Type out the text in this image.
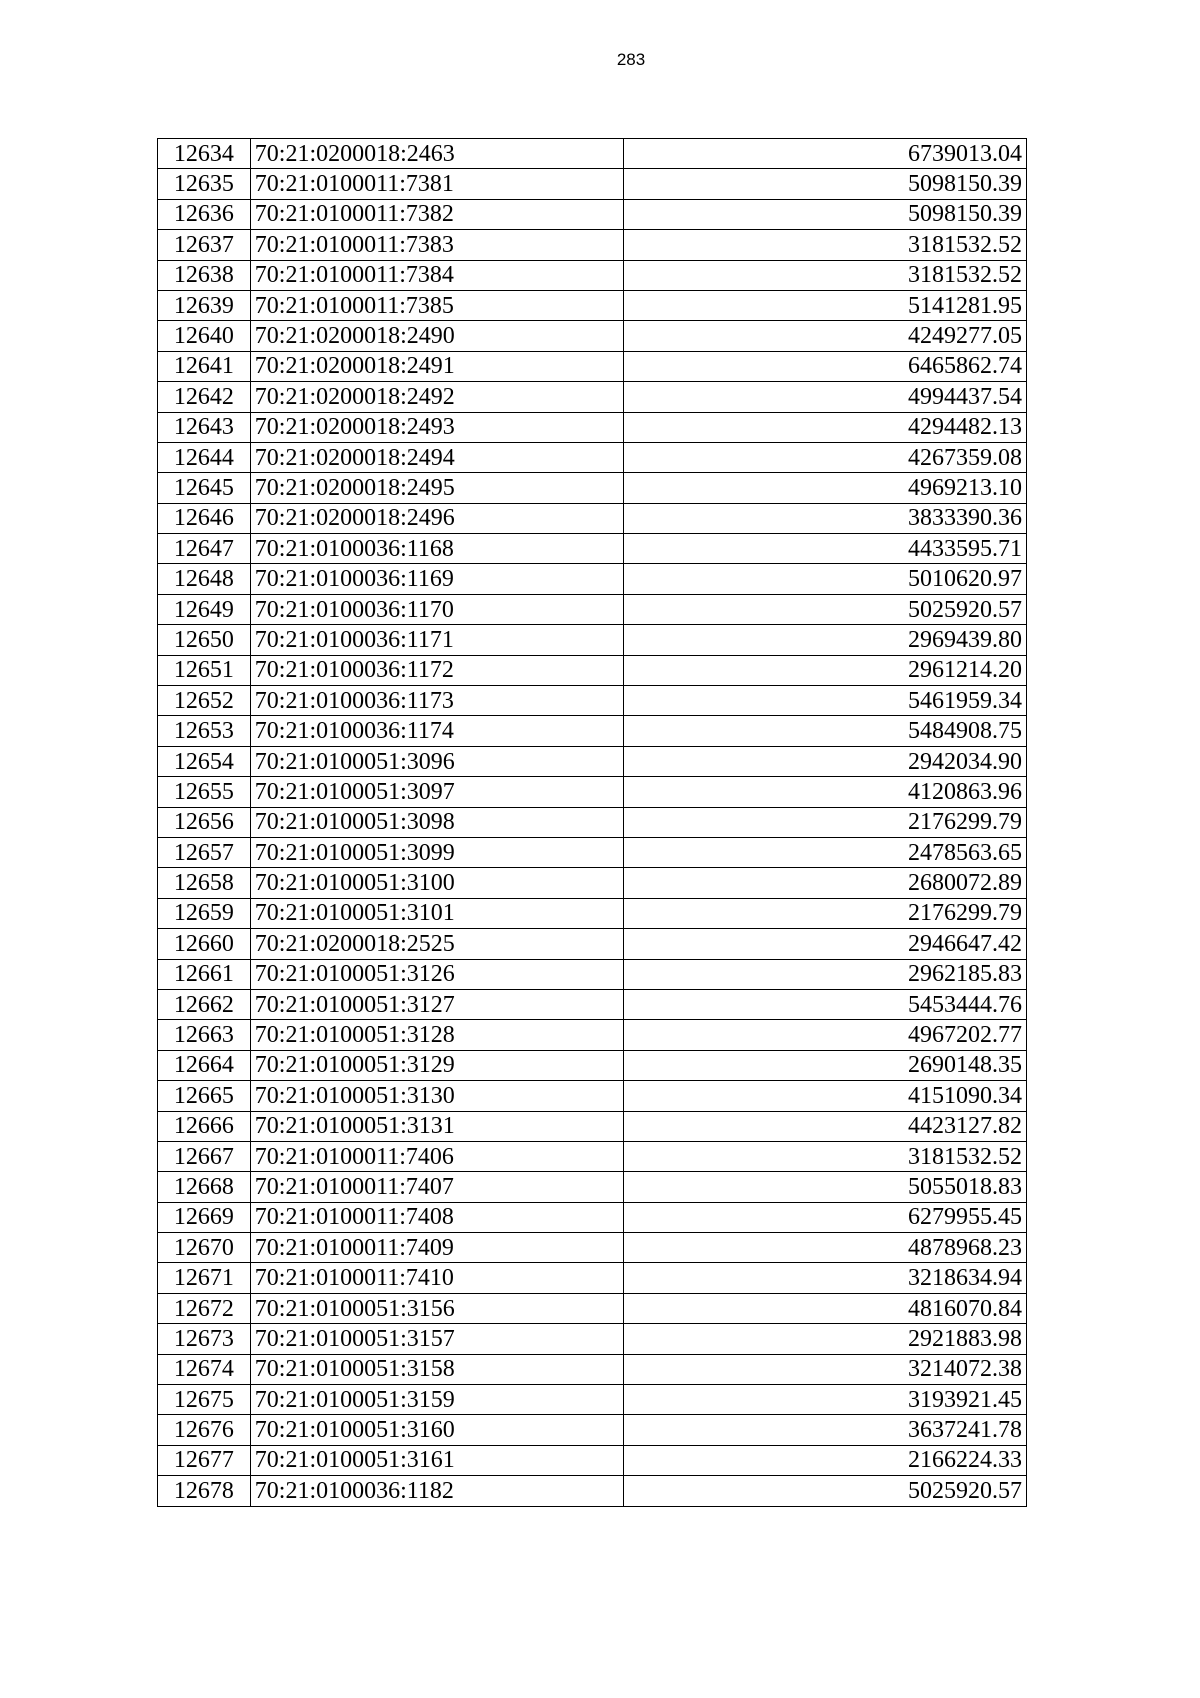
283
12634	70:21:0200018:2463	6739013.04
12635	70:21:0100011:7381	5098150.39
12636	70:21:0100011:7382	5098150.39
12637	70:21:0100011:7383	3181532.52
12638	70:21:0100011:7384	3181532.52
12639	70:21:0100011:7385	5141281.95
12640	70:21:0200018:2490	4249277.05
12641	70:21:0200018:2491	6465862.74
12642	70:21:0200018:2492	4994437.54
12643	70:21:0200018:2493	4294482.13
12644	70:21:0200018:2494	4267359.08
12645	70:21:0200018:2495	4969213.10
12646	70:21:0200018:2496	3833390.36
12647	70:21:0100036:1168	4433595.71
12648	70:21:0100036:1169	5010620.97
12649	70:21:0100036:1170	5025920.57
12650	70:21:0100036:1171	2969439.80
12651	70:21:0100036:1172	2961214.20
12652	70:21:0100036:1173	5461959.34
12653	70:21:0100036:1174	5484908.75
12654	70:21:0100051:3096	2942034.90
12655	70:21:0100051:3097	4120863.96
12656	70:21:0100051:3098	2176299.79
12657	70:21:0100051:3099	2478563.65
12658	70:21:0100051:3100	2680072.89
12659	70:21:0100051:3101	2176299.79
12660	70:21:0200018:2525	2946647.42
12661	70:21:0100051:3126	2962185.83
12662	70:21:0100051:3127	5453444.76
12663	70:21:0100051:3128	4967202.77
12664	70:21:0100051:3129	2690148.35
12665	70:21:0100051:3130	4151090.34
12666	70:21:0100051:3131	4423127.82
12667	70:21:0100011:7406	3181532.52
12668	70:21:0100011:7407	5055018.83
12669	70:21:0100011:7408	6279955.45
12670	70:21:0100011:7409	4878968.23
12671	70:21:0100011:7410	3218634.94
12672	70:21:0100051:3156	4816070.84
12673	70:21:0100051:3157	2921883.98
12674	70:21:0100051:3158	3214072.38
12675	70:21:0100051:3159	3193921.45
12676	70:21:0100051:3160	3637241.78
12677	70:21:0100051:3161	2166224.33
12678	70:21:0100036:1182	5025920.57
